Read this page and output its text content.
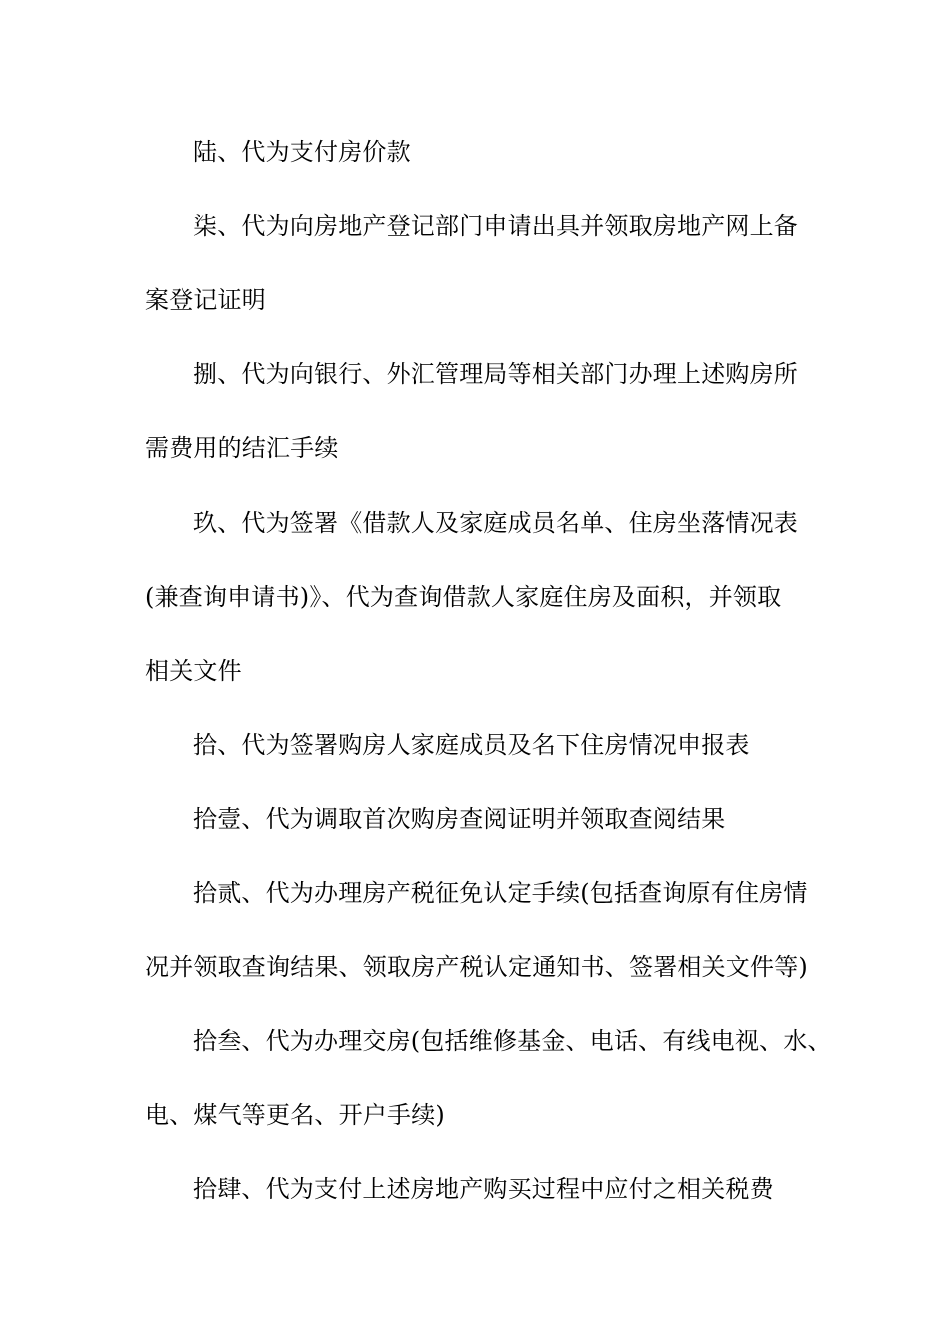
陆、代为支付房价款

柒、代为向房地产登记部门申请出具并领取房地产网上备

案登记证明

捌、代为向银行、外汇管理局等相关部门办理上述购房所

需费用的结汇手续

玖、代为签署《借款人及家庭成员名单、住房坐落情况表

(兼查询申请书)》、代为查询借款人家庭住房及面积，并领取

相关文件

拾、代为签署购房人家庭成员及名下住房情况申报表

拾壹、代为调取首次购房查阅证明并领取查阅结果

拾贰、代为办理房产税征免认定手续(包括查询原有住房情

况并领取查询结果、领取房产税认定通知书、签署相关文件等)

拾叁、代为办理交房(包括维修基金、电话、有线电视、水、

电、煤气等更名、开户手续)

拾肆、代为支付上述房地产购买过程中应付之相关税费
